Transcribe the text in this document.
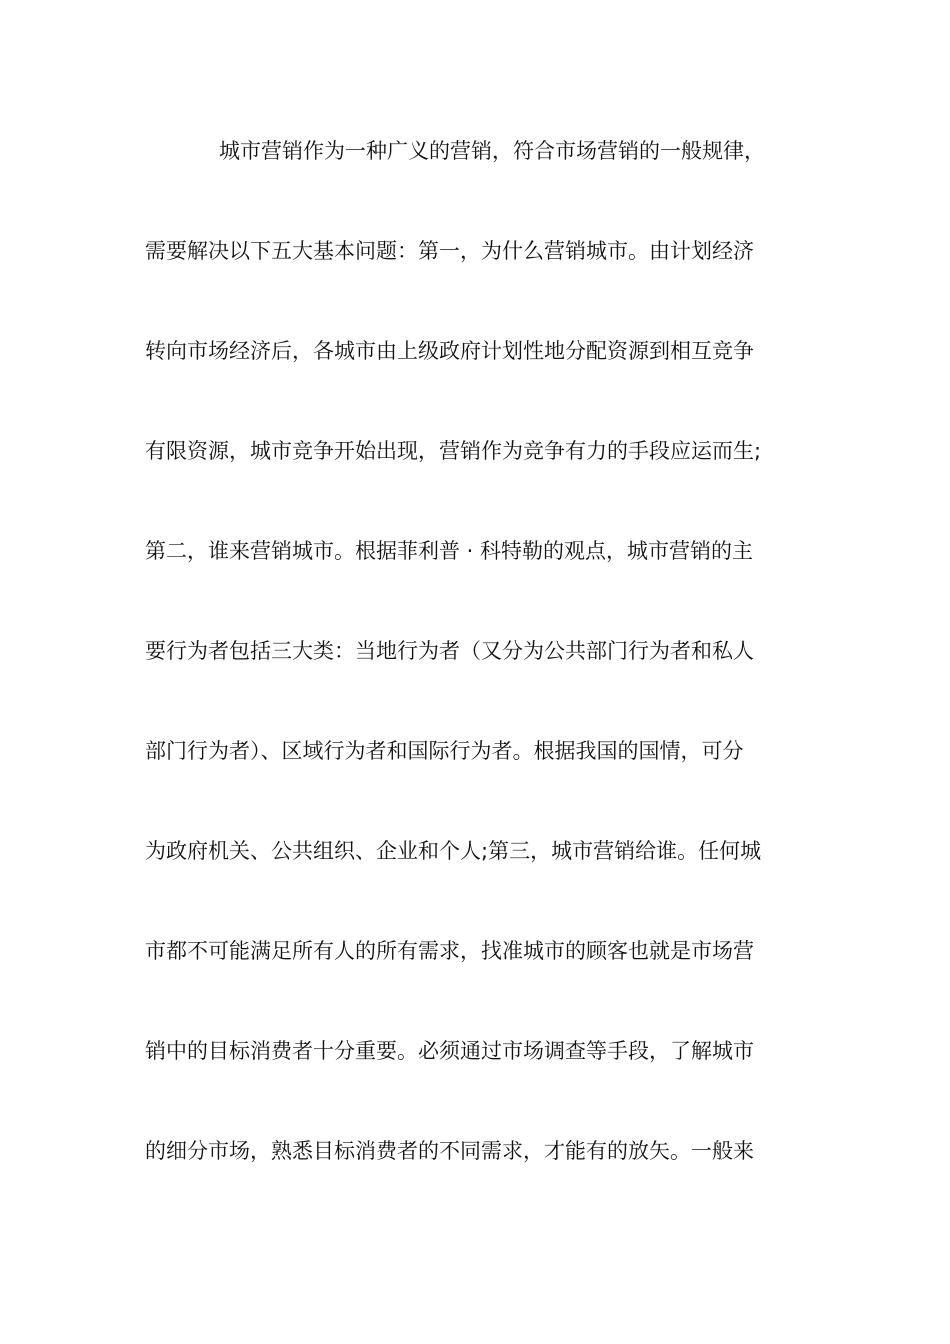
城市营销作为一种广义的营销，符合市场营销的一般规律，
需要解决以下五大基本问题：第一，为什么营销城市。由计划经济
转向市场经济后，各城市由上级政府计划性地分配资源到相互竞争
有限资源，城市竞争开始出现，营销作为竞争有力的手段应运而生;
第二，谁来营销城市。根据菲利普 · 科特勒的观点，城市营销的主
要行为者包括三大类：当地行为者（又分为公共部门行为者和私人
部门行为者）、区域行为者和国际行为者。根据我国的国情，可分
为政府机关、公共组织、企业和个人;第三，城市营销给谁。任何城
市都不可能满足所有人的所有需求，找准城市的顾客也就是市场营
销中的目标消费者十分重要。必须通过市场调查等手段，了解城市
的细分市场，熟悉目标消费者的不同需求，才能有的放矢。一般来
